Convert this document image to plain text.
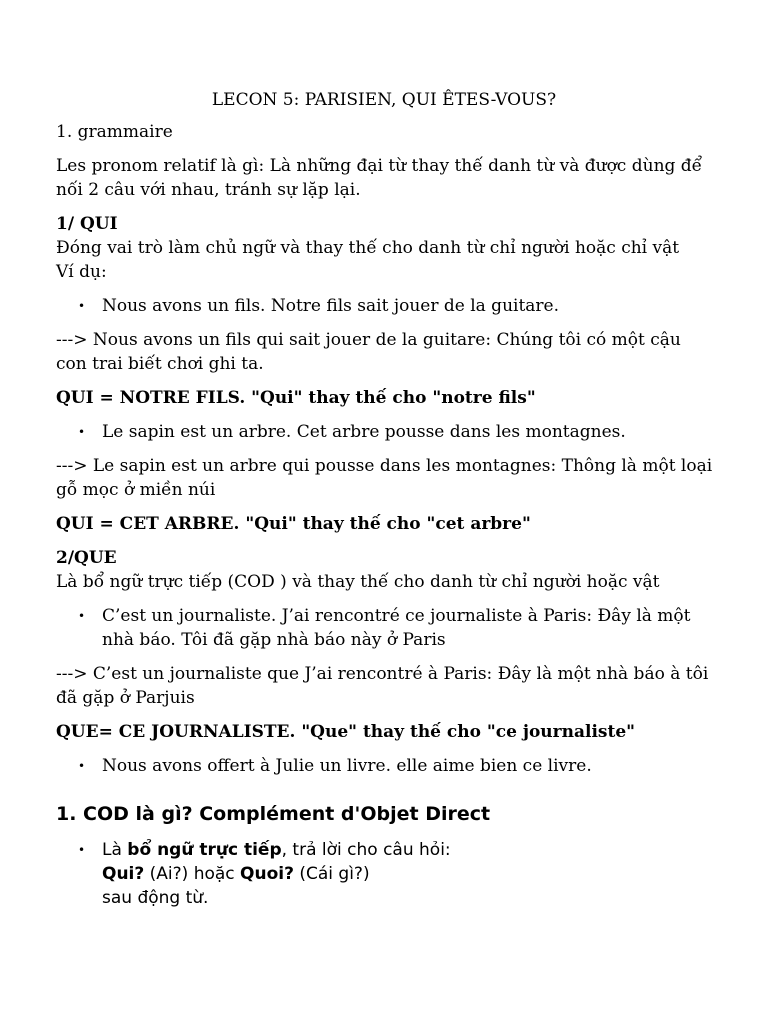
LECON 5: PARISIEN, QUI ÊTES-VOUS?

1. grammaire

Les pronom relatif là gì: Là những đại từ thay thế danh từ và được dùng để nối 2 câu với nhau, tránh sự lặp lại.

1/ QUI

Đóng vai trò làm chủ ngữ và thay thế cho danh từ chỉ người hoặc chỉ vật

Ví dụ:

• Nous avons un fils. Notre fils sait jouer de la guitare.

---> Nous avons un fils qui sait jouer de la guitare: Chúng tôi có một cậu con trai biết chơi ghi ta.

QUI = NOTRE FILS. "Qui" thay thế cho "notre fils"

• Le sapin est un arbre. Cet arbre pousse dans les montagnes.

---> Le sapin est un arbre qui pousse dans les montagnes: Thông là một loại gỗ mọc ở miền núi

QUI = CET ARBRE. "Qui" thay thế cho "cet arbre"

2/QUE

Là bổ ngữ trực tiếp (COD ) và thay thế cho danh từ chỉ người hoặc vật

• C’est un journaliste. J’ai rencontré ce journaliste à Paris: Đây là một nhà báo. Tôi đã gặp nhà báo này ở Paris

---> C’est un journaliste que J’ai rencontré à Paris: Đây là một nhà báo à tôi đã gặp ở Parjuis

QUE= CE JOURNALISTE. "Que" thay thế cho "ce journaliste"

• Nous avons offert à Julie un livre. elle aime bien ce livre.

1. COD là gì? Complément d'Objet Direct

• Là bổ ngữ trực tiếp, trả lời cho câu hỏi:
Qui? (Ai?) hoặc Quoi? (Cái gì?)
sau động từ.
